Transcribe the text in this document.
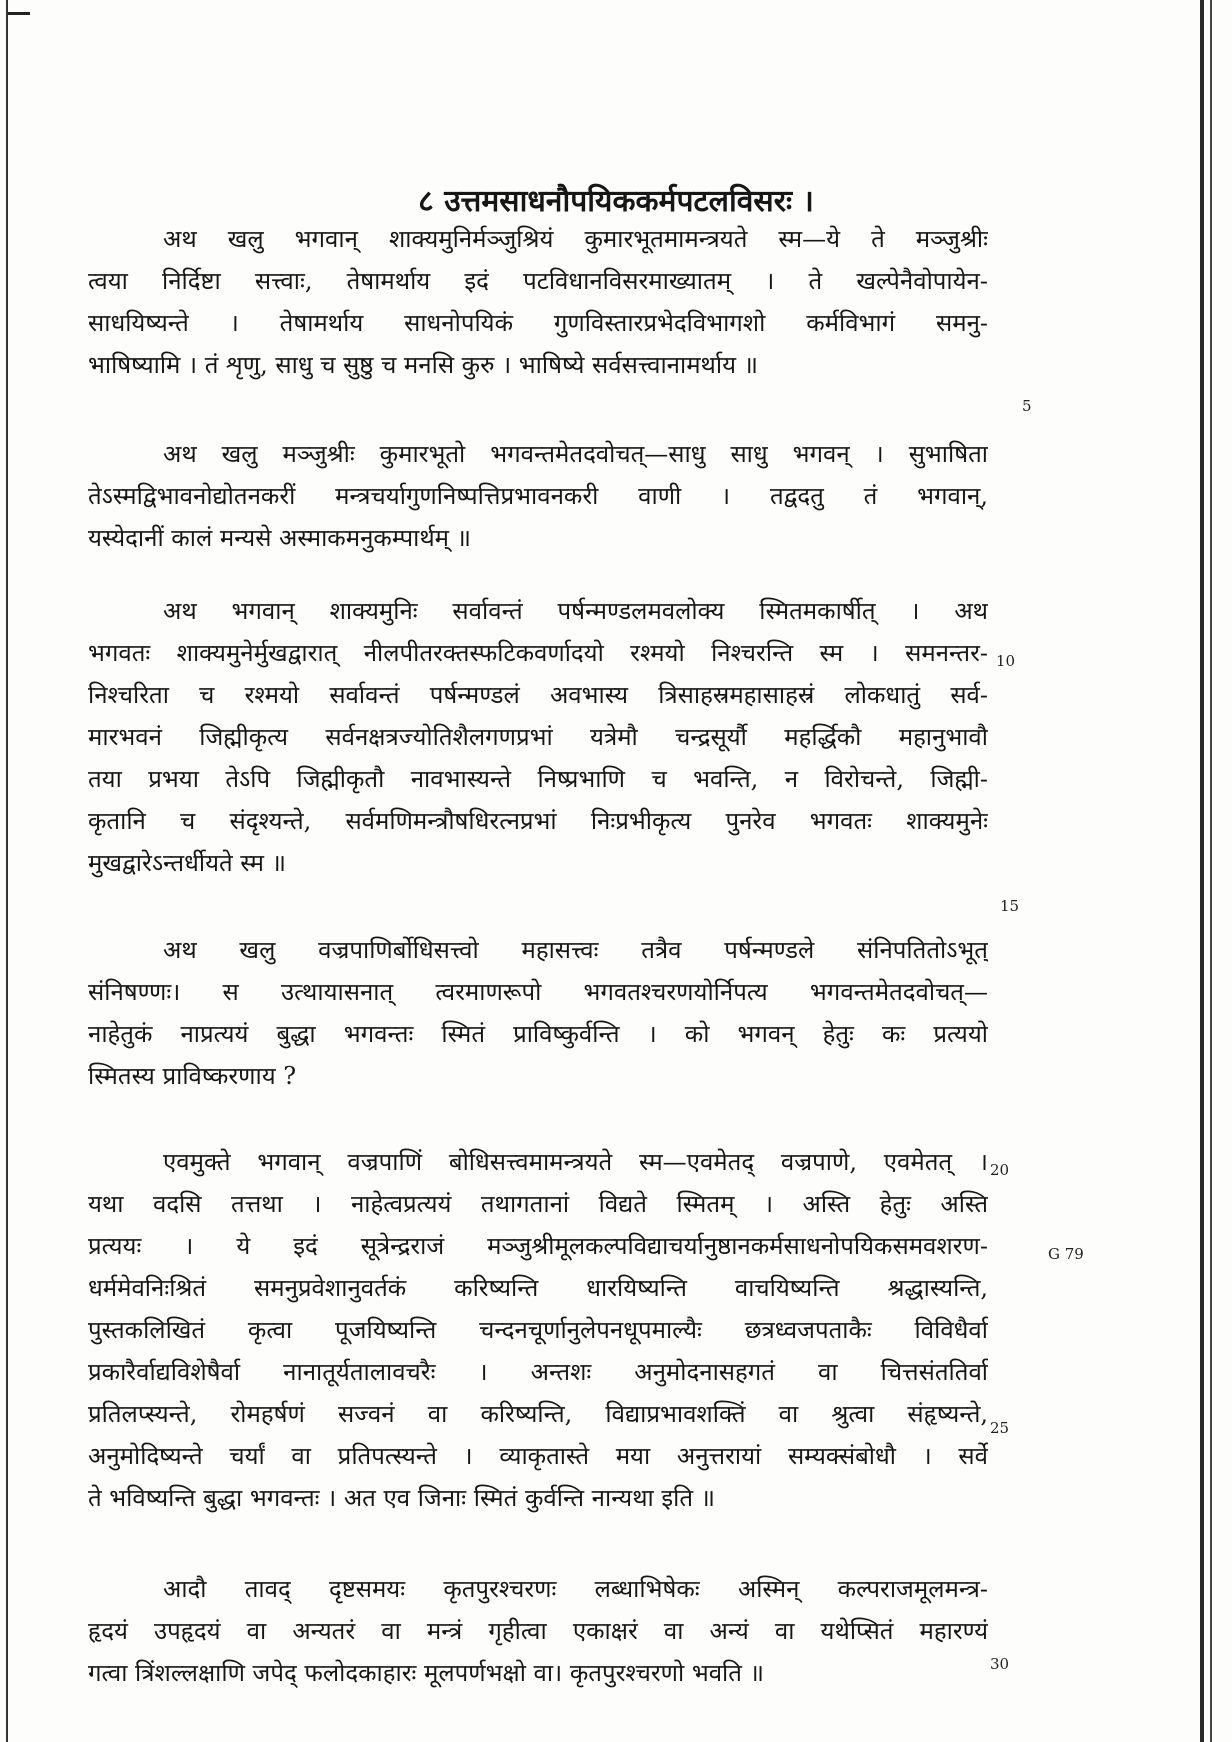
८ उत्तमसाधनौपयिककर्मपटलविसरः ।
अथ खलु भगवान् शाक्यमुनिर्मञ्जुश्रियं कुमारभूतमामन्त्रयते स्म—ये ते मञ्जुश्रीः
त्वया निर्दिष्टा सत्त्वाः, तेषामर्थाय इदं पटविधानविसरमाख्यातम् । ते खल्पेनैवोपायेन-
साधयिष्यन्ते । तेषामर्थाय साधनोपयिकं गुणविस्तारप्रभेदविभागशो कर्मविभागं समनु-
भाषिष्यामि । तं शृणु, साधु च सुष्ठु च मनसि कुरु । भाषिष्ये सर्वसत्त्वानामर्थाय ॥
अथ खलु मञ्जुश्रीः कुमारभूतो भगवन्तमेतदवोचत्—साधु साधु भगवन् । सुभाषिता
तेऽस्मद्विभावनोद्योतनकरीं मन्त्रचर्यागुणनिष्पत्तिप्रभावनकरी वाणी । तद्वदतु तं भगवान्,
यस्येदानीं कालं मन्यसे अस्माकमनुकम्पार्थम् ॥
अथ भगवान् शाक्यमुनिः सर्वावन्तं पर्षन्मण्डलमवलोक्य स्मितमकार्षीत् । अथ
भगवतः शाक्यमुनेर्मुखद्वारात् नीलपीतरक्तस्फटिकवर्णादयो रश्मयो निश्चरन्ति स्म । समनन्तर-
निश्चरिता च रश्मयो सर्वावन्तं पर्षन्मण्डलं अवभास्य त्रिसाहस्रमहासाहस्रं लोकधातुं सर्व-
मारभवनं जिह्मीकृत्य सर्वनक्षत्रज्योतिशैलगणप्रभां यत्रेमौ चन्द्रसूर्यौ महर्द्धिकौ महानुभावौ
तया प्रभया तेऽपि जिह्मीकृतौ नावभास्यन्ते निष्प्रभाणि च भवन्ति, न विरोचन्ते, जिह्मी-
कृतानि च संदृश्यन्ते, सर्वमणिमन्त्रौषधिरत्नप्रभां निःप्रभीकृत्य पुनरेव भगवतः शाक्यमुनेः
मुखद्वारेऽन्तर्धीयते स्म ॥
अथ खलु वज्रपाणिर्बोधिसत्त्वो महासत्त्वः तत्रैव पर्षन्मण्डले संनिपतितोऽभूत्
संनिषण्णः। स उत्थायासनात् त्वरमाणरूपो भगवतश्चरणयोर्निपत्य भगवन्तमेतदवोचत्—
नाहेतुकं नाप्रत्ययं बुद्धा भगवन्तः स्मितं प्राविष्कुर्वन्ति । को भगवन् हेतुः कः प्रत्ययो
स्मितस्य प्राविष्करणाय ?
एवमुक्ते भगवान् वज्रपाणिं बोधिसत्त्वमामन्त्रयते स्म—एवमेतद् वज्रपाणे, एवमेतत् ।
यथा वदसि तत्तथा । नाहेत्वप्रत्ययं तथागतानां विद्यते स्मितम् । अस्ति हेतुः अस्ति
प्रत्ययः । ये इदं सूत्रेन्द्रराजं मञ्जुश्रीमूलकल्पविद्याचर्यानुष्ठानकर्मसाधनोपयिकसमवशरण-
धर्ममेवनिःश्रितं समनुप्रवेशानुवर्तकं करिष्यन्ति धारयिष्यन्ति वाचयिष्यन्ति श्रद्धास्यन्ति,
पुस्तकलिखितं कृत्वा पूजयिष्यन्ति चन्दनचूर्णानुलेपनधूपमाल्यैः छत्रध्वजपताकैः विविधैर्वा
प्रकारैर्वाद्यविशेषैर्वा नानातूर्यतालावचरैः । अन्तशः अनुमोदनासहगतं वा चित्तसंततिर्वा
प्रतिलप्स्यन्ते, रोमहर्षणं सज्वनं वा करिष्यन्ति, विद्याप्रभावशक्तिं वा श्रुत्वा संहृष्यन्ते,
अनुमोदिष्यन्ते चर्यां वा प्रतिपत्स्यन्ते । व्याकृतास्ते मया अनुत्तरायां सम्यक्संबोधौ । सर्वे
ते भविष्यन्ति बुद्धा भगवन्तः । अत एव जिनाः स्मितं कुर्वन्ति नान्यथा इति ॥
आदौ तावद् दृष्टसमयः कृतपुरश्चरणः लब्धाभिषेकः अस्मिन् कल्पराजमूलमन्त्र-
हृदयं उपहृदयं वा अन्यतरं वा मन्त्रं गृहीत्वा एकाक्षरं वा अन्यं वा यथेप्सितं महारण्यं
गत्वा त्रिंशल्लक्षाणि जपेद् फलोदकाहारः मूलपर्णभक्षो वा। कृतपुरश्चरणो भवति ॥
5
10
15
20
25
30
G 79
